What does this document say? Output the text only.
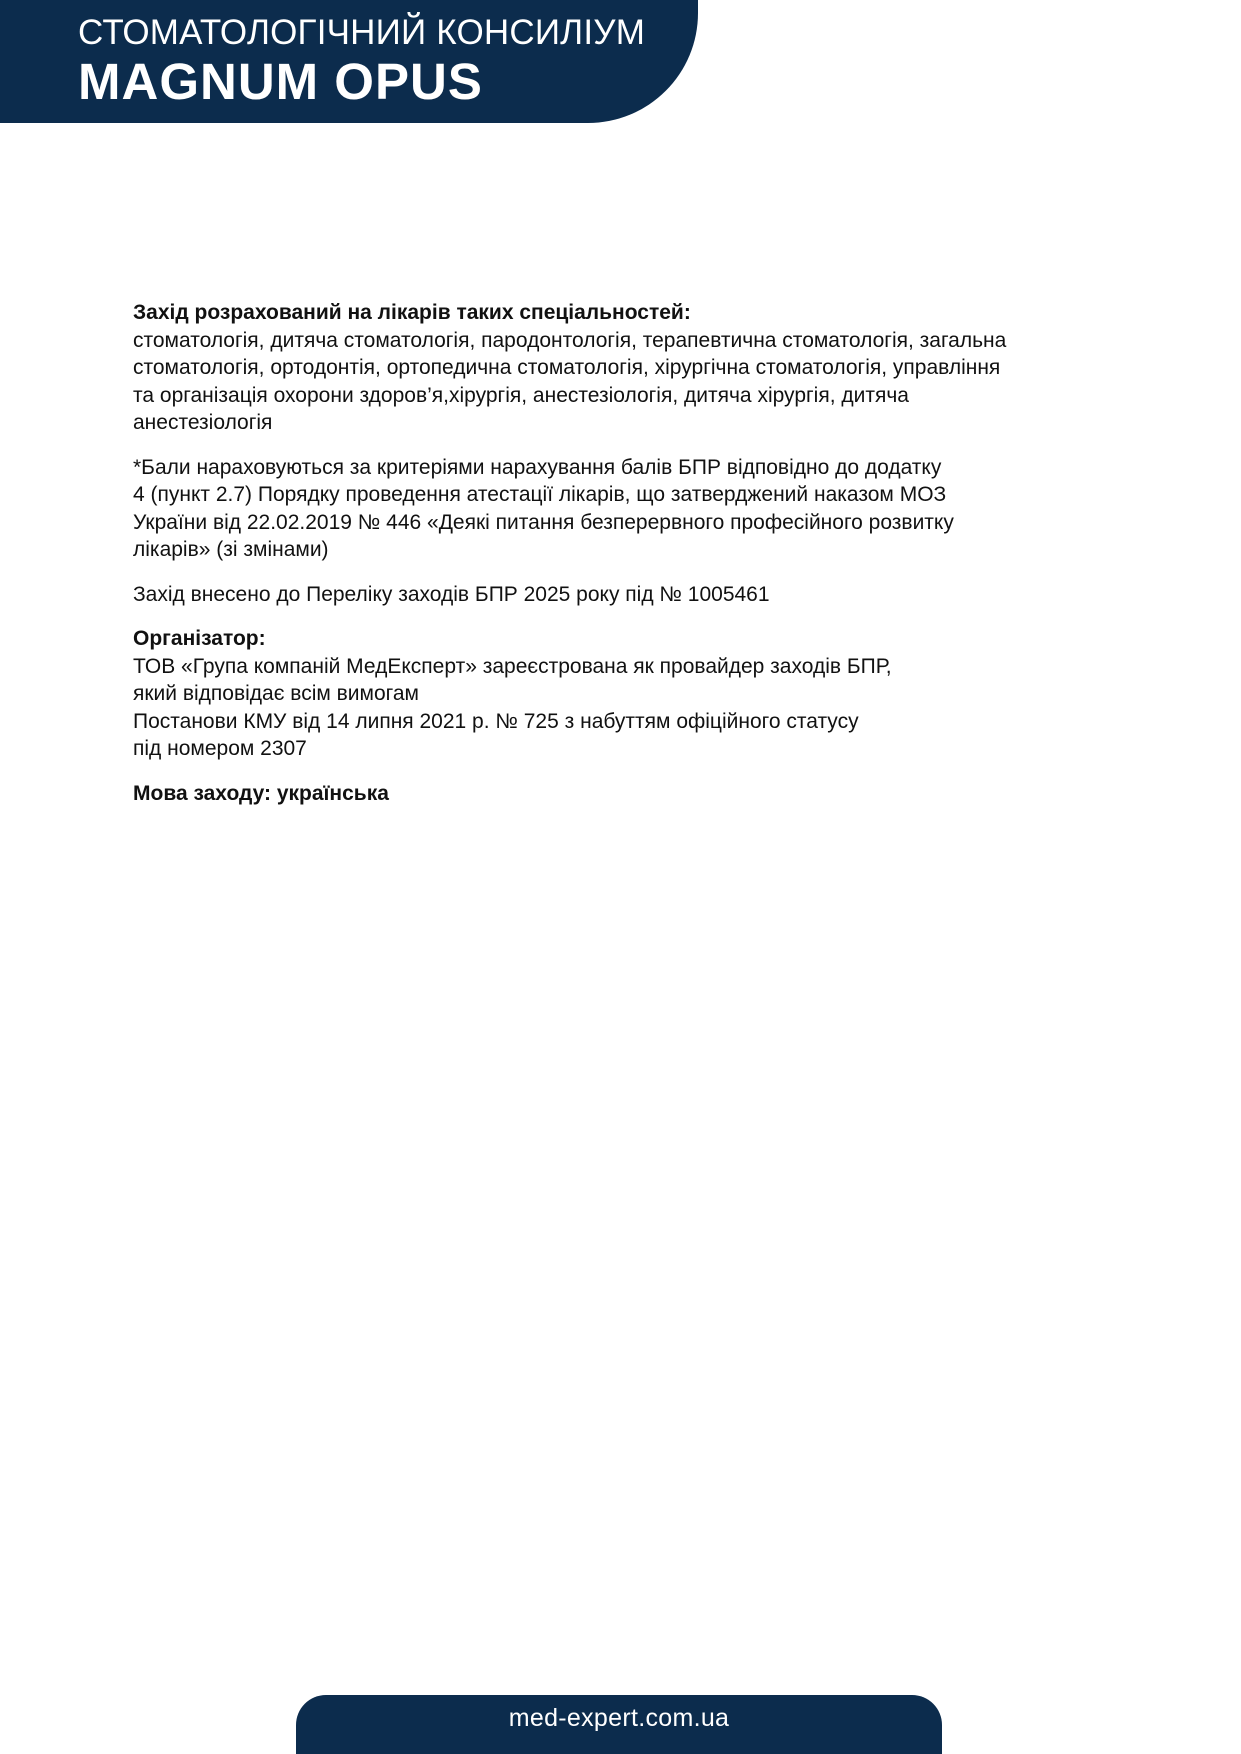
СТОМАТОЛОГІЧНИЙ КОНСИЛІУМ
MAGNUM OPUS
Захід розрахований на лікарів таких спеціальностей:
стоматологія, дитяча стоматологія, пародонтологія, терапевтична стоматологія, загальна
стоматологія, ортодонтія, ортопедична стоматологія, хірургічна стоматологія, управління
та організація охорони здоров’я,хірургія, анестезіологія, дитяча хірургія, дитяча
анестезіологія
*Бали нараховуються за критеріями нарахування балів БПР відповідно до додатку
4 (пункт 2.7) Порядку проведення атестації лікарів, що затверджений наказом МОЗ
України від 22.02.2019 № 446 «Деякі питання безперервного професійного розвитку
лікарів» (зі змінами)
Захід внесено до Переліку заходів БПР 2025 року під № 1005461
Організатор:
ТОВ «Група компаній МедЕксперт» зареєстрована як провайдер заходів БПР,
який відповідає всім вимогам
Постанови КМУ від 14 липня 2021 р. № 725 з набуттям офіційного статусу
під номером 2307
Мова заходу: українська
med-expert.com.ua
